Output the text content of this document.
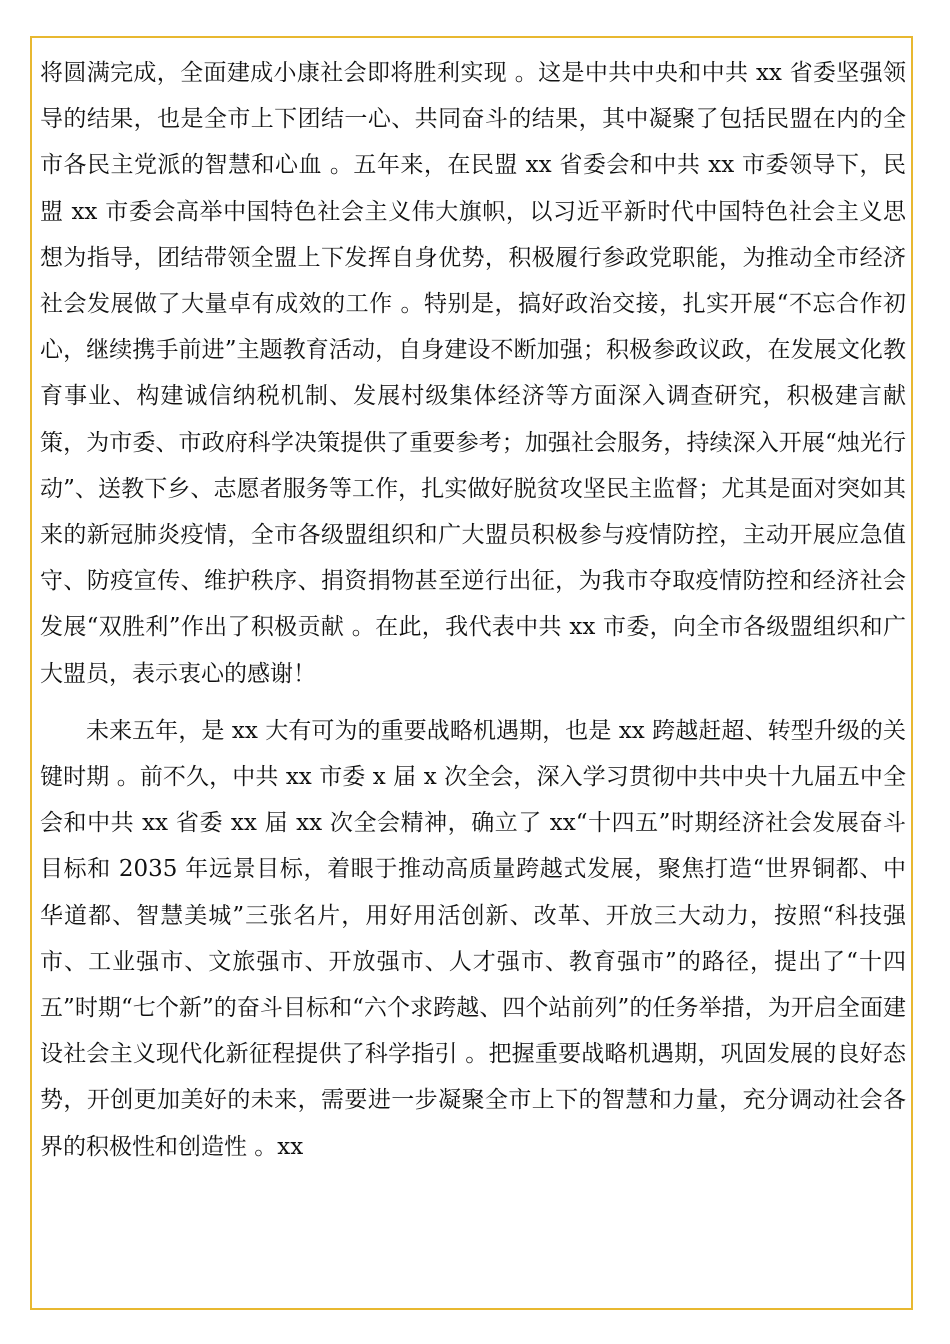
将圆满完成，全面建成小康社会即将胜利实现 。这是中共中央和中共 xx 省委坚强领导的结果，也是全市上下团结一心、共同奋斗的结果，其中凝聚了包括民盟在内的全市各民主党派的智慧和心血 。五年来，在民盟 xx 省委会和中共 xx 市委领导下，民盟 xx 市委会高举中国特色社会主义伟大旗帜，以习近平新时代中国特色社会主义思想为指导，团结带领全盟上下发挥自身优势，积极履行参政党职能，为推动全市经济社会发展做了大量卓有成效的工作 。特别是，搞好政治交接，扎实开展“不忘合作初心，继续携手前进”主题教育活动，自身建设不断加强；积极参政议政，在发展文化教育事业、构建诚信纳税机制、发展村级集体经济等方面深入调查研究，积极建言献策，为市委、市政府科学决策提供了重要参考；加强社会服务，持续深入开展“烛光行动”、送教下乡、志愿者服务等工作，扎实做好脱贫攻坚民主监督；尤其是面对突如其来的新冠肺炎疫情，全市各级盟组织和广大盟员积极参与疫情防控，主动开展应急值守、防疫宣传、维护秩序、捐资捐物甚至逆行出征，为我市夺取疫情防控和经济社会发展“双胜利”作出了积极贡献 。在此，我代表中共 xx 市委，向全市各级盟组织和广大盟员，表示衷心的感谢！

未来五年，是 xx 大有可为的重要战略机遇期，也是 xx 跨越赶超、转型升级的关键时期 。前不久，中共 xx 市委 x 届 x 次全会，深入学习贯彻中共中央十九届五中全会和中共 xx 省委 xx 届 xx 次全会精神，确立了 xx“十四五”时期经济社会发展奋斗目标和 2035 年远景目标，着眼于推动高质量跨越式发展，聚焦打造“世界铜都、中华道都、智慧美城”三张名片，用好用活创新、改革、开放三大动力，按照“科技强市、工业强市、文旅强市、开放强市、人才强市、教育强市”的路径，提出了“十四五”时期“七个新”的奋斗目标和“六个求跨越、四个站前列”的任务举措，为开启全面建设社会主义现代化新征程提供了科学指引 。把握重要战略机遇期，巩固发展的良好态势，开创更加美好的未来，需要进一步凝聚全市上下的智慧和力量，充分调动社会各界的积极性和创造性 。xx
